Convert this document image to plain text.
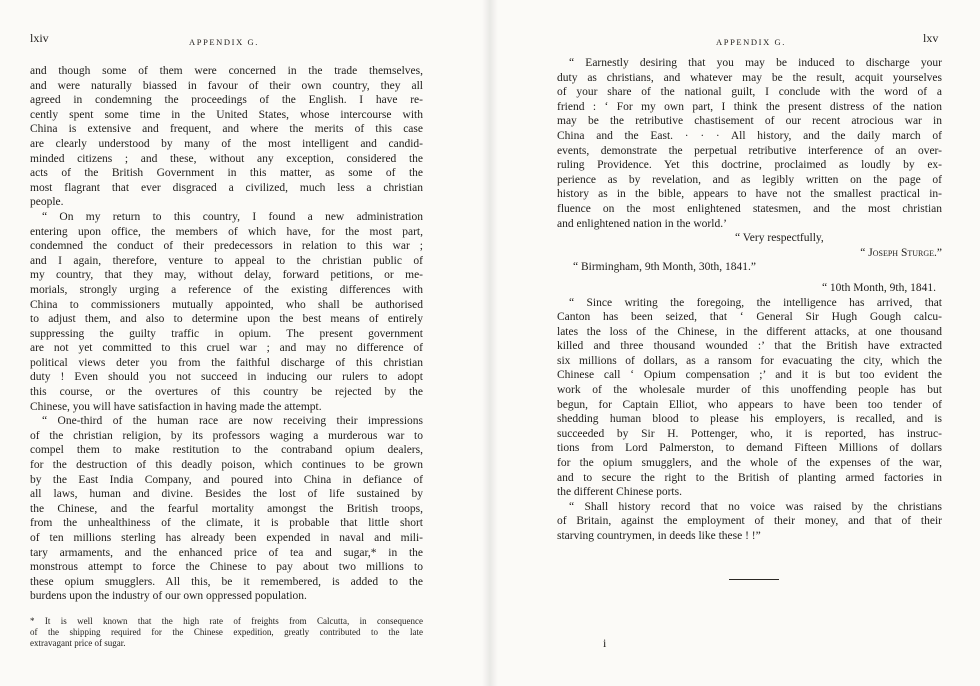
lxiv	APPENDIX G.
and though some of them were concerned in the trade themselves,
and were naturally biassed in favour of their own country, they all
agreed in condemning the proceedings of the English. I have re-
cently spent some time in the United States, whose intercourse with
China is extensive and frequent, and where the merits of this case
are clearly understood by many of the most intelligent and candid-
minded citizens ; and these, without any exception, considered the
acts of the British Government in this matter, as some of the
most flagrant that ever disgraced a civilized, much less a christian
people.
“ On my return to this country, I found a new administration
entering upon office, the members of which have, for the most part,
condemned the conduct of their predecessors in relation to this war ;
and I again, therefore, venture to appeal to the christian public of
my country, that they may, without delay, forward petitions, or me-
morials, strongly urging a reference of the existing differences with
China to commissioners mutually appointed, who shall be authorised
to adjust them, and also to determine upon the best means of entirely
suppressing the guilty traffic in opium. The present government
are not yet committed to this cruel war ; and may no difference of
political views deter you from the faithful discharge of this christian
duty ! Even should you not succeed in inducing our rulers to adopt
this course, or the overtures of this country be rejected by the
Chinese, you will have satisfaction in having made the attempt.
“ One-third of the human race are now receiving their impressions
of the christian religion, by its professors waging a murderous war to
compel them to make restitution to the contraband opium dealers,
for the destruction of this deadly poison, which continues to be grown
by the East India Company, and poured into China in defiance of
all laws, human and divine. Besides the lost of life sustained by
the Chinese, and the fearful mortality amongst the British troops,
from the unhealthiness of the climate, it is probable that little short
of ten millions sterling has already been expended in naval and mili-
tary armaments, and the enhanced price of tea and sugar,* in the
monstrous attempt to force the Chinese to pay about two millions to
these opium smugglers. All this, be it remembered, is added to the
burdens upon the industry of our own oppressed population.
* It is well known that the high rate of freights from Calcutta, in consequence
of the shipping required for the Chinese expedition, greatly contributed to the late
extravagant price of sugar.
APPENDIX G.	lxv
“ Earnestly desiring that you may be induced to discharge your
duty as christians, and whatever may be the result, acquit yourselves
of your share of the national guilt, I conclude with the word of a
friend : ‘ For my own part, I think the present distress of the nation
may be the retributive chastisement of our recent atrocious war in
China and the East. · · · All history, and the daily march of
events, demonstrate the perpetual retributive interference of an over-
ruling Providence. Yet this doctrine, proclaimed as loudly by ex-
perience as by revelation, and as legibly written on the page of
history as in the bible, appears to have not the smallest practical in-
fluence on the most enlightened statesmen, and the most christian
and enlightened nation in the world.’
“ Very respectfully,
“ Joseph Sturge.”
“ Birmingham, 9th Month, 30th, 1841.”
“ 10th Month, 9th, 1841.
“ Since writing the foregoing, the intelligence has arrived, that
Canton has been seized, that ‘ General Sir Hugh Gough calcu-
lates the loss of the Chinese, in the different attacks, at one thousand
killed and three thousand wounded :’ that the British have extracted
six millions of dollars, as a ransom for evacuating the city, which the
Chinese call ‘ Opium compensation ;’ and it is but too evident the
work of the wholesale murder of this unoffending people has but
begun, for Captain Elliot, who appears to have been too tender of
shedding human blood to please his employers, is recalled, and is
succeeded by Sir H. Pottenger, who, it is reported, has instruc-
tions from Lord Palmerston, to demand Fifteen Millions of dollars
for the opium smugglers, and the whole of the expenses of the war,
and to secure the right to the British of planting armed factories in
the different Chinese ports.
“ Shall history record that no voice was raised by the christians
of Britain, against the employment of their money, and that of their
starving countrymen, in deeds like these ! !”
i
